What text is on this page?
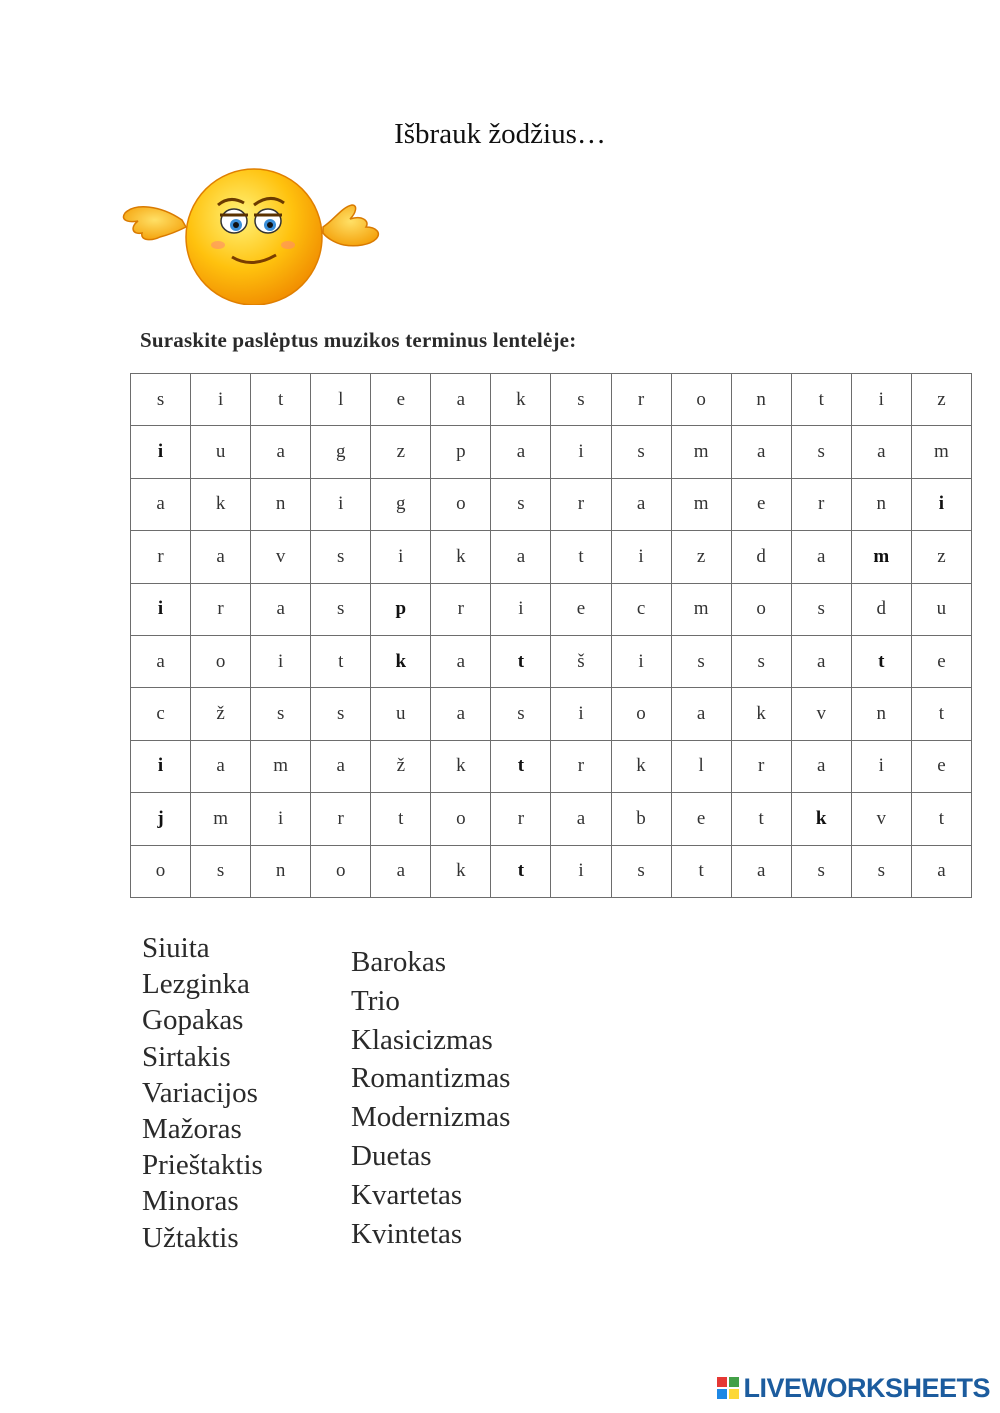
Išbrauk žodžius…
Suraskite paslėptus muzikos terminus lentelėje:
s	i	t	l	e	a	k	s	r	o	n	t	i	z
i	u	a	g	z	p	a	i	s	m	a	s	a	m
a	k	n	i	g	o	s	r	a	m	e	r	n	i
r	a	v	s	i	k	a	t	i	z	d	a	m	z
i	r	a	s	p	r	i	e	c	m	o	s	d	u
a	o	i	t	k	a	t	š	i	s	s	a	t	e
c	ž	s	s	u	a	s	i	o	a	k	v	n	t
i	a	m	a	ž	k	t	r	k	l	r	a	i	e
j	m	i	r	t	o	r	a	b	e	t	k	v	t
o	s	n	o	a	k	t	i	s	t	a	s	s	a
Siuita
Lezginka
Gopakas
Sirtakis
Variacijos
Mažoras
Prieštaktis
Minoras
Užtaktis
Barokas
Trio
Klasicizmas
Romantizmas
Modernizmas
Duetas
Kvartetas
Kvintetas
LIVEWORKSHEETS
